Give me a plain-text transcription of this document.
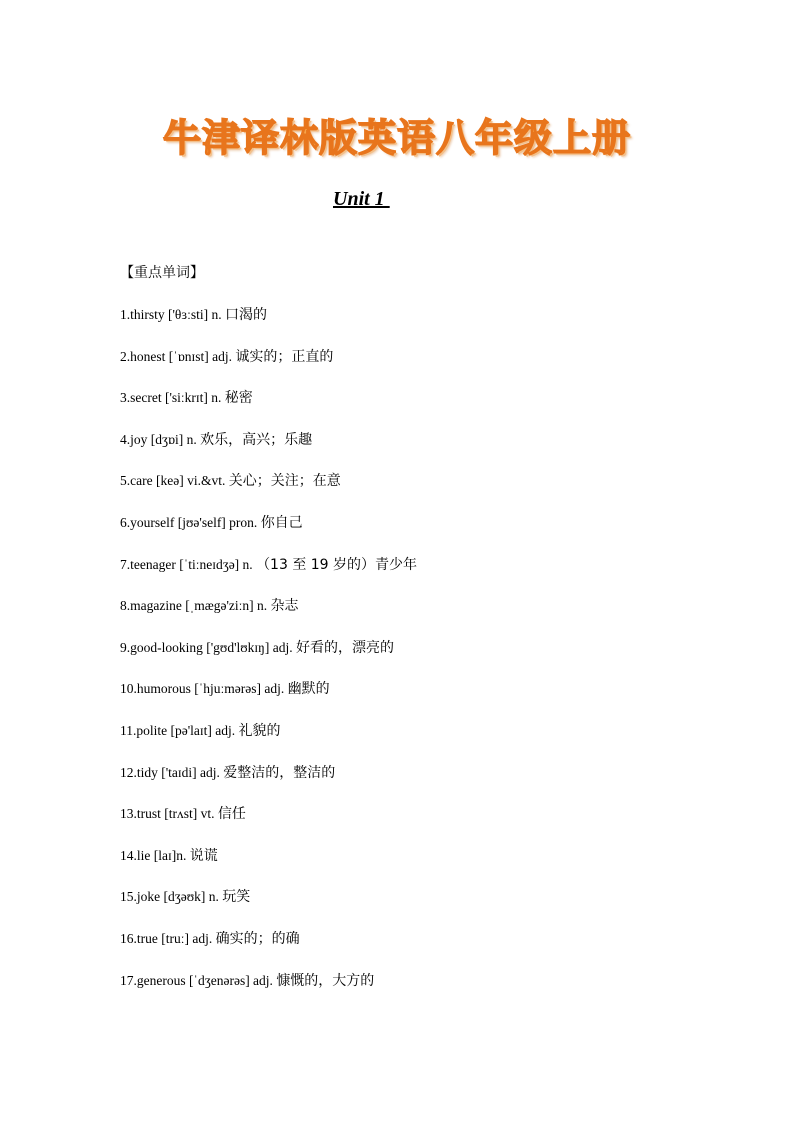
牛津译林版英语八年级上册
Unit 1
【重点单词】
1.thirsty ['θɜːsti] n. 口渴的
2.honest [ˈɒnɪst] adj. 诚实的；正直的
3.secret ['siːkrɪt] n. 秘密
4.joy [dʒɒi] n. 欢乐，高兴；乐趣
5.care [keə] vi.&vt. 关心；关注；在意
6.yourself [jʊə'self] pron. 你自己
7.teenager [ˈtiːneɪdʒə] n. （13 至 19 岁的）青少年
8.magazine [ˌmægə'ziːn] n. 杂志
9.good-looking ['gʊd'lʊkɪŋ] adj. 好看的，漂亮的
10.humorous [ˈhjuːmərəs] adj. 幽默的
11.polite [pə'laɪt] adj. 礼貌的
12.tidy ['taɪdi] adj. 爱整洁的，整洁的
13.trust [trʌst] vt. 信任
14.lie [laɪ]n. 说谎
15.joke [dʒəʊk] n. 玩笑
16.true [truː] adj. 确实的；的确
17.generous [ˈdʒenərəs] adj. 慷慨的，大方的
